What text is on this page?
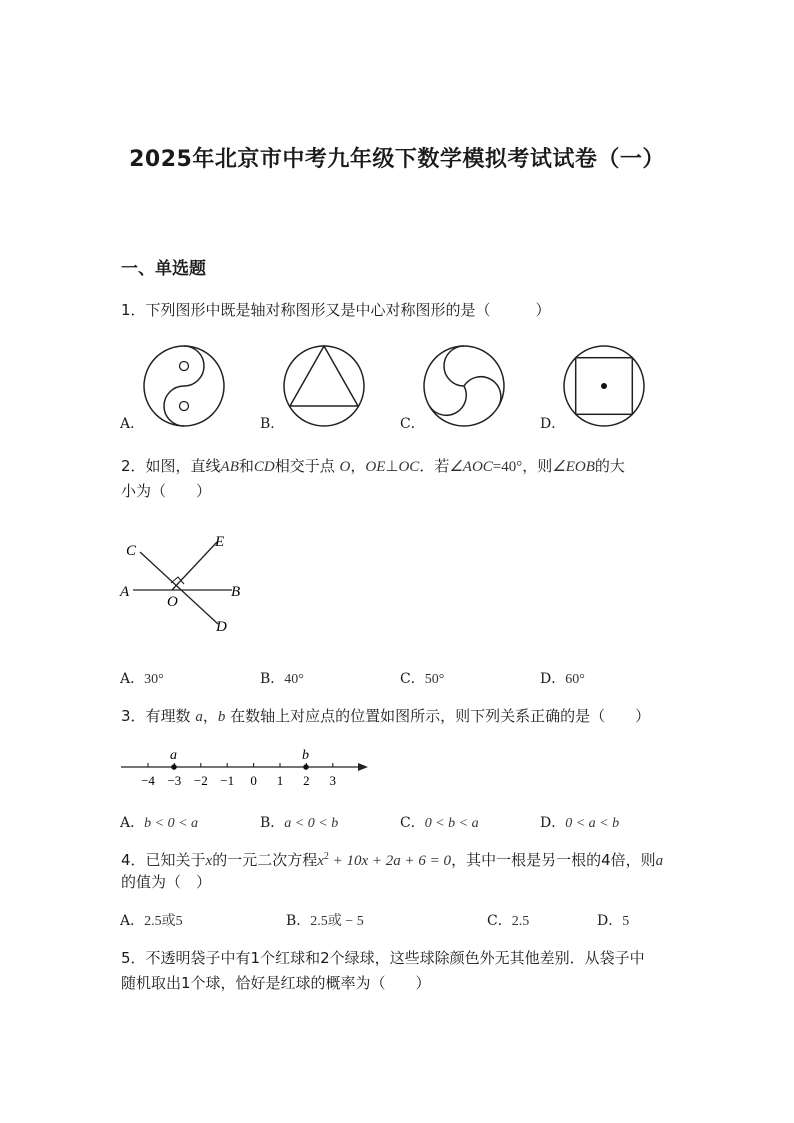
2025年北京市中考九年级下数学模拟考试试卷（一）
一、单选题
1．下列图形中既是轴对称图形又是中心对称图形的是（　　　）
A．	B．	C．	D．
2．如图，直线AB和CD相交于点 O，OE⊥OC．若∠AOC=40°，则∠EOB的大
小为（　　）
C
E
A
O
B
D
A．30°	B．40°	C．50°	D．60°
3．有理数 a，b 在数轴上对应点的位置如图所示，则下列关系正确的是（　　）
−4 −3 −2 −1 0 1 2 3
a	b
A．b < 0 < a	B．a < 0 < b	C．0 < b < a	D．0 < a < b
4．已知关于x的一元二次方程$x^2 + 10x + 2a + 6 = 0$，其中一根是另一根的4倍，则a
的值为（　）
A．2.5或5	B．2.5或 − 5	C．2.5	D．5
5．不透明袋子中有1个红球和2个绿球，这些球除颜色外无其他差别．从袋子中
随机取出1个球，恰好是红球的概率为（　　）
